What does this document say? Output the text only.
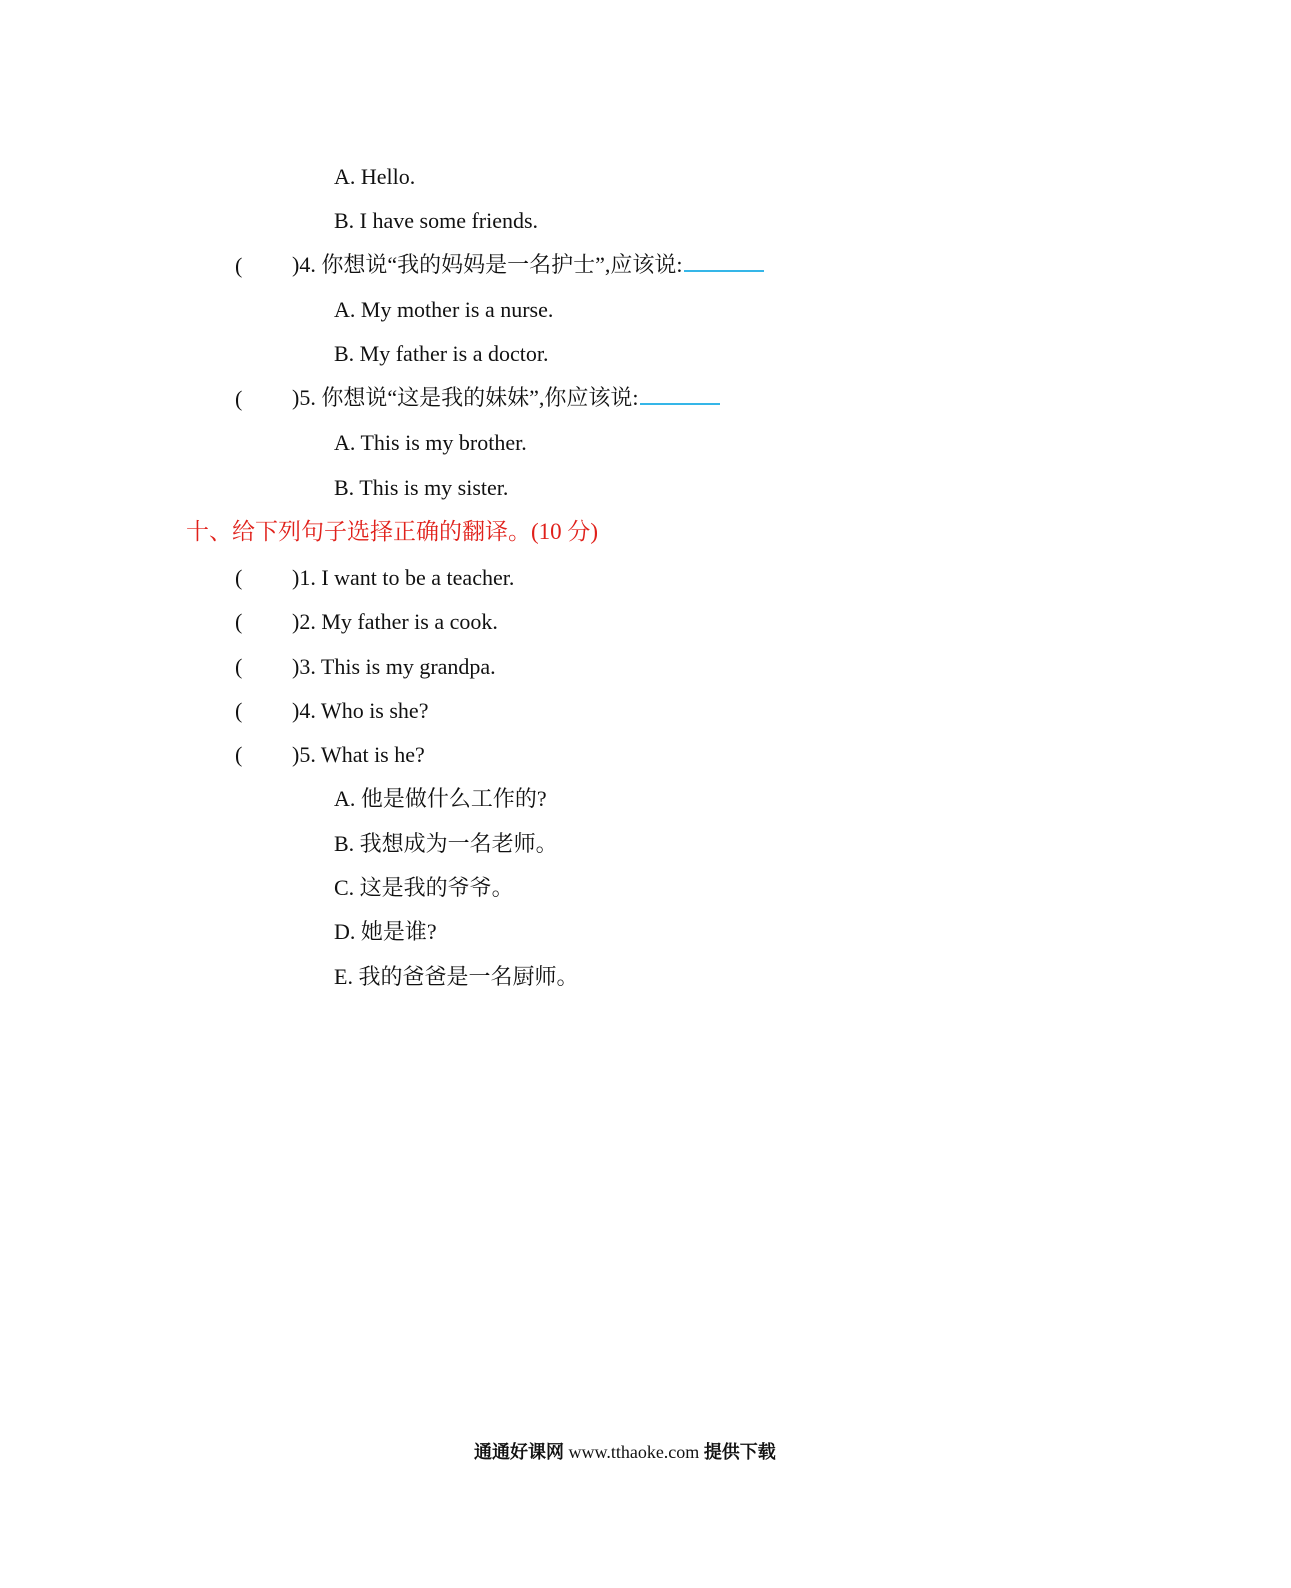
A. Hello.
B. I have some friends.
( )4. 你想说“我的妈妈是一名护士”,应该说:
A. My mother is a nurse.
B. My father is a doctor.
( )5. 你想说“这是我的妹妹”,你应该说:
A. This is my brother.
B. This is my sister.
十、给下列句子选择正确的翻译。(10 分)
( )1. I want to be a teacher.
( )2. My father is a cook.
( )3. This is my grandpa.
( )4. Who is she?
( )5. What is he?
A. 他是做什么工作的?
B. 我想成为一名老师。
C. 这是我的爷爷。
D. 她是谁?
E. 我的爸爸是一名厨师。
通通好课网 www.tthaoke.com 提供下载
